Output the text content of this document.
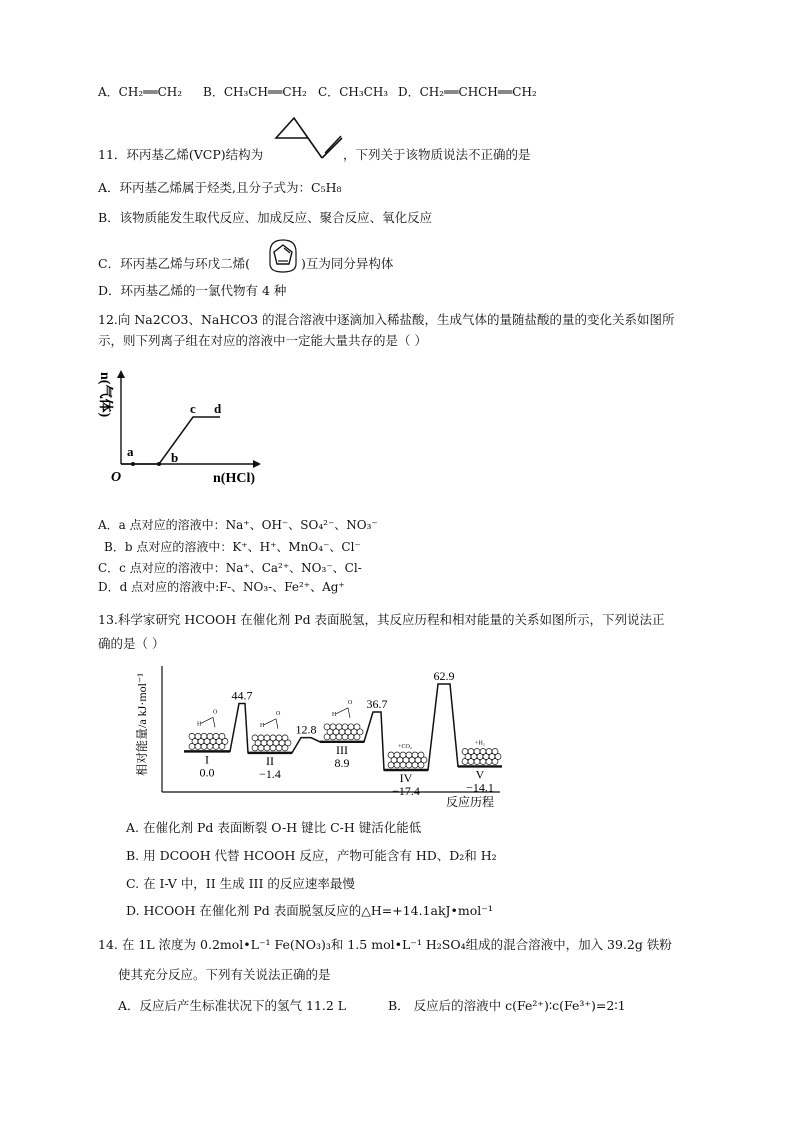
A．CH₂══CH₂ B．CH₃CH══CH₂ C．CH₃CH₃ D．CH₂══CHCH══CH₂
11．环丙基乙烯(VCP)结构为	，下列关于该物质说法不正确的是
A．环丙基乙烯属于烃类,且分子式为：C₅H₈
B．该物质能发生取代反应、加成反应、聚合反应、氧化反应
C．环丙基乙烯与环戊二烯(	)互为同分异构体
D．环丙基乙烯的一氯代物有 4 种
12.向 Na2CO3、NaHCO3 的混合溶液中逐滴加入稀盐酸，生成气体的量随盐酸的量的变化关系如图所
示，则下列离子组在对应的溶液中一定能大量共存的是（ ）
a	b
c d
O	n(HCl)
n(气体)
A．a 点对应的溶液中：Na⁺、OH⁻、SO₄²⁻、NO₃⁻
B．b 点对应的溶液中：K⁺、H⁺、MnO₄⁻、Cl⁻
C．c 点对应的溶液中：Na⁺、Ca²⁺、NO₃⁻、Cl-
D．d 点对应的溶液中:F-、NO₃-、Fe²⁺、Ag⁺
13.科学家研究 HCOOH 在催化剂 Pd 表面脱氢，其反应历程和相对能量的关系如图所示，下列说法正
确的是（ ）
相对能量/a kJ·mol⁻¹
反应历程
I
0.0
II
−1.4
III
8.9
IV
−17.4
V
−14.1
44.7
12.8
36.7
62.9
H
O
H
O	H
O
+CO₂
+H₂
A. 在催化剂 Pd 表面断裂 O-H 键比 C-H 键活化能低
B. 用 DCOOH 代替 HCOOH 反应，产物可能含有 HD、D₂和 H₂
C. 在 I-V 中，II 生成 III 的反应速率最慢
D. HCOOH 在催化剂 Pd 表面脱氢反应的△H=+14.1akJ•mol⁻¹
14. 在 1L 浓度为 0.2mol•L⁻¹ Fe(NO₃)₃和 1.5 mol•L⁻¹ H₂SO₄组成的混合溶液中，加入 39.2g 铁粉
使其充分反应。下列有关说法正确的是
A．反应后产生标准状况下的氢气 11.2 L	B． 反应后的溶液中 c(Fe²⁺)∶c(Fe³⁺)=2∶1
